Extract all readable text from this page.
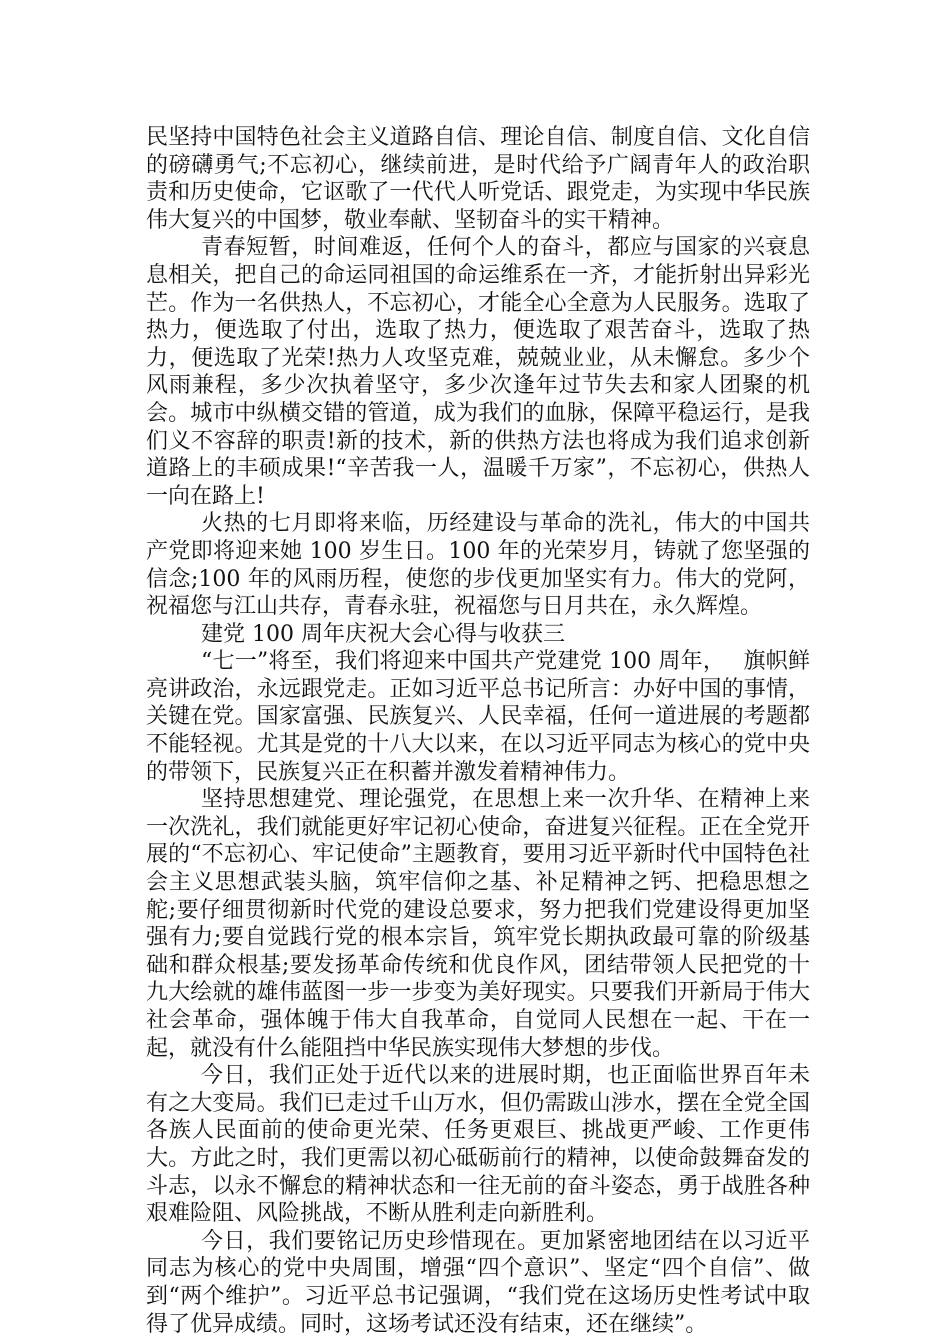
民坚持中国特色社会主义道路自信、理论自信、制度自信、文化自信的磅礴勇气;不忘初心，继续前进，是时代给予广阔青年人的政治职责和历史使命，它讴歌了一代代人听党话、跟党走，为实现中华民族伟大复兴的中国梦，敬业奉献、坚韧奋斗的实干精神。

青春短暂，时间难返，任何个人的奋斗，都应与国家的兴衰息息相关，把自己的命运同祖国的命运维系在一齐，才能折射出异彩光芒。作为一名供热人，不忘初心，才能全心全意为人民服务。选取了热力，便选取了付出，选取了热力，便选取了艰苦奋斗，选取了热力，便选取了光荣!热力人攻坚克难，兢兢业业，从未懈怠。多少个风雨兼程，多少次执着坚守，多少次逢年过节失去和家人团聚的机会。城市中纵横交错的管道，成为我们的血脉，保障平稳运行，是我们义不容辞的职责!新的技术，新的供热方法也将成为我们追求创新道路上的丰硕成果!“辛苦我一人，温暖千万家”，不忘初心，供热人一向在路上!

火热的七月即将来临，历经建设与革命的洗礼，伟大的中国共产党即将迎来她 100 岁生日。100 年的光荣岁月，铸就了您坚强的信念;100 年的风雨历程，使您的步伐更加坚实有力。伟大的党阿，祝福您与江山共存，青春永驻，祝福您与日月共在，永久辉煌。

建党 100 周年庆祝大会心得与收获三

“七一”将至，我们将迎来中国共产党建党 100 周年，　 旗帜鲜亮讲政治，永远跟党走。正如习近平总书记所言：办好中国的事情，关键在党。国家富强、民族复兴、人民幸福，任何一道进展的考题都不能轻视。尤其是党的十八大以来，在以习近平同志为核心的党中央的带领下，民族复兴正在积蓄并激发着精神伟力。

坚持思想建党、理论强党，在思想上来一次升华、在精神上来一次洗礼，我们就能更好牢记初心使命，奋进复兴征程。正在全党开展的“不忘初心、牢记使命”主题教育，要用习近平新时代中国特色社会主义思想武装头脑，筑牢信仰之基、补足精神之钙、把稳思想之舵;要仔细贯彻新时代党的建设总要求，努力把我们党建设得更加坚强有力;要自觉践行党的根本宗旨，筑牢党长期执政最可靠的阶级基础和群众根基;要发扬革命传统和优良作风，团结带领人民把党的十九大绘就的雄伟蓝图一步一步变为美好现实。只要我们开新局于伟大社会革命，强体魄于伟大自我革命，自觉同人民想在一起、干在一起，就没有什么能阻挡中华民族实现伟大梦想的步伐。

今日，我们正处于近代以来的进展时期，也正面临世界百年未有之大变局。我们已走过千山万水，但仍需跋山涉水，摆在全党全国各族人民面前的使命更光荣、任务更艰巨、挑战更严峻、工作更伟大。方此之时，我们更需以初心砥砺前行的精神，以使命鼓舞奋发的斗志，以永不懈怠的精神状态和一往无前的奋斗姿态，勇于战胜各种艰难险阻、风险挑战，不断从胜利走向新胜利。

今日，我们要铭记历史珍惜现在。更加紧密地团结在以习近平同志为核心的党中央周围，增强“四个意识”、坚定“四个自信”、做到“两个维护”。习近平总书记强调，“我们党在这场历史性考试中取得了优异成绩。同时，这场考试还没有结束，还在继续”。
